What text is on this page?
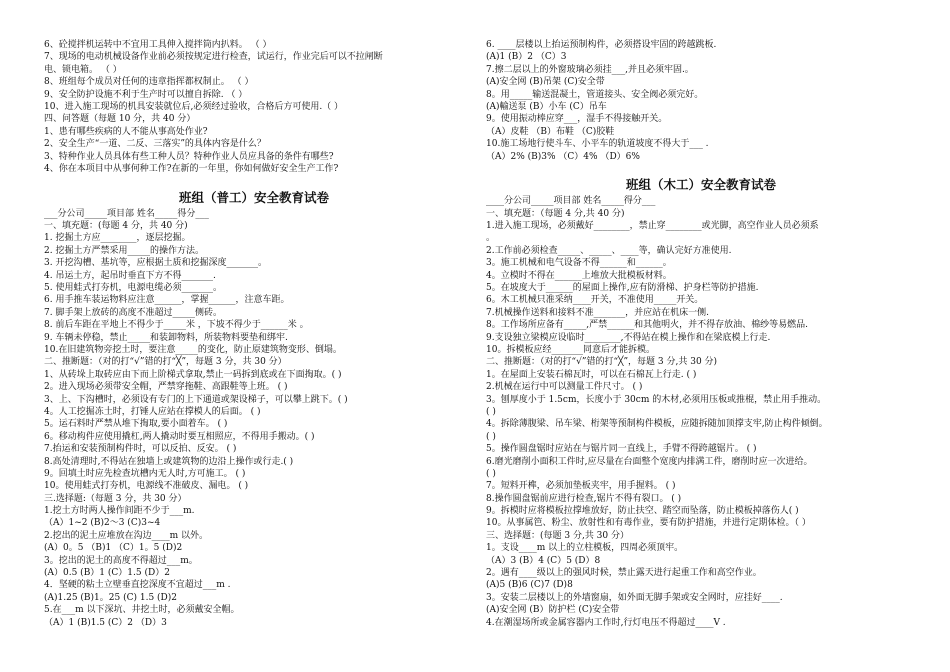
6、砼搅拌机运转中不宜用工具伸入搅拌筒内扒料。 （ ）
7、现场的电动机械设备作业前必须按规定进行检查，试运行，作业完后可以不拉闸断
电、锁电箱。 （ ）
8、班组每个成员对任何的违章指挥都权制止。 （ ）
9、安全防护设施不利于生产时可以擅自拆除. （ ）
10、进入施工现场的机具安装就位后,必须经过验收，合格后方可使用.（ ）
四、问答题（每题 10 分，共 40 分）
1、患有哪些疾病的人不能从事高处作业?
2、安全生产“一道、二反、三落实”的具体内容是什么？
3、特种作业人员具体有些工种人员？特种作业人员应具备的条件有哪些?
4、你在本项目中从事何种工作?在新的一年里，你如何做好安全生产工作?
班组（普工）安全教育试卷
___分公司_____项目部 姓名_____得分___
一、填充题：(每题 4 分，共 40 分)
1. 挖掘土方应________，逐层挖掘。
2. 挖掘土方严禁采用_____的操作方法。
3. 开挖沟槽、基坑等，应根据土质和挖掘深度_______。
4. 吊运土方，起吊时垂直下方不得_______.
5. 使用蛙式打夯机，电源电缆必须_______。
6. 用手推车装运物料应注意______，掌握______，注意车距。
7. 脚手架上放砖的高度不准超过_____侧砖。
8. 前后车距在平地上不得少于_____米 ，下坡不得少于______米 。
9. 车辆未停稳，禁止_____和装卸物料，所装物料要垫和绑牢.
10.在旧建筑物旁挖土时，要注意_____的变化，防止原建筑物变形、倒塌。
二、推断题：（对的打“√”错的打“╳”，每题 3 分，共 30 分）
1、从砖垛上取砖应由下而上阶梯式拿取,禁止一码拆到底或在下面掏取。( )
2。进入现场必须带安全帽，严禁穿拖鞋、高跟鞋等上班。 ( )
3、上、下沟槽时，必须设有专门的上下通道或架设梯子，可以攀上跳下。( )
4。人工挖掘冻土时，打锤人应站在撑模人的后面。 ( )
5。运石料时严禁从堆下掏取,要小面着车。 ( )
6。移动构件应使用撬杠,两人撬动时要互相照应，不得用手搬动。( )
7.抬运和安装预制构件时，可以反拍、反安。 ( )
8.高处清理时,不得站在独墙上或建筑物的边沿上操作或行走.( )
9。回填土时应先检查坑槽内无人时,方可施工。 ( )
10。使用蛙式打夯机，电源线不准破皮、漏电。 ( )
三.选择题:（每题 3 分，共 30 分）
1.挖土方时两人操作间距不少于___m.
（A）1~2 (B)2～3 (C)3~4
2.挖出的泥土应堆放在沟边____m 以外。
(A）0。5 （B)1 （C）1。5 (D)2
3。挖出的泥土的高度不得超过___m。
(A）0.5 (B）1 (C）1.5 (D）2
4．坚硬的粘土立壁垂直挖深度不宜超过___m .
(A)1.25 (B)1。25 (C) 1.5 (D)2
5.在___m 以下深坑、井挖土时，必须戴安全帽。
（A）1 (B)1.5 (C）2 （D）3
6. ____层楼以上抬运预制构件，必须搭设牢固的跨越跳板.
(A)1 (B）2 （C）3
7.擦二层以上的外窗玻璃必须挂___,并且必须牢固.。
(A)安全网 (B)吊架 (C)安全带
8。用_____输送混凝土，管道接头、安全阀必须完好。
(A)輸送泵 (B）小车 (C）吊车
9。使用振动棒应穿___，湿手不得接触开关。
（A）皮鞋 （B）布鞋 （C)胶鞋
10.施工场地行使斗车、小平车的轨道坡度不得大于___ .
（A）2% (B)3% （C）4% （D）6%
班组（木工）安全教育试卷
____分公司_____项目部 姓名_____得分___
一、填充题：（每题 4 分,共 40 分)
1.进入施工现场，必须戴好________，禁止穿________或光脚，高空作业人员必须系
。
2.工作前必须检查_____、_____、____等，确认完好方准使用.
3。施工机械和电气设备不得______和______。
4。立模时不得在______上堆放大批模板材料。
5。在坡度大于______的屋面上操作,应有防滑梯、护身栏等防护措施.
6。木工机械只准采纳____开关，不准使用_____开关。
7.机械操作送料和接料不准_______，并应站在机床一侧.
8。工作场所应备有_____,严禁______和其他明火，并不得存放油、棉纱等易燃品.
9.支设独立梁模应设临时________,不得站在模上操作和在梁底模上行走.
10。拆模板应经_______同意后才能拆模。
二、推断题：（对的打“√”错的打“╳”，每题 3 分,共 30 分)
1。在屋面上安装石棉瓦时，可以在石棉瓦上行走. ( )
2.机械在运行中可以测量工件尺寸。 ( )
3。刨厚度小于 1.5cm，长度小于 30cm 的木材,必须用压板或推棍，禁止用手推动。
( )
4。拆除薄腹梁、吊车梁、桁架等预制构件模板，应随拆随加顶撑支牢,防止构件倾倒。
( )
5。操作圆盘锯时应站在与锯片同一直线上，手臂不得跨越锯片。 ( )
6.磨光磨削小面积工件时,应尽量在台面整个宽度内排满工件，磨削时应一次进给。
( )
7。短料开榫，必须加垫板夹牢，用手握料。 ( )
8.操作圆盘锯前应进行检查,锯片不得有裂口。 ( )
9。拆模时应将模板拉撑堆放好，防止扶空、踏空而坠落，防止模板掉落伤人( )
10。从事属笆、粉尘、放射性和有毒作业，要有防护措施，并进行定期体检。（ ）
三、选择题：(每题 3 分,共 30 分）
1。支设____m 以上的立柱模板，四周必须顶牢。
（A）3 (B）4 (C）5 (D）8
2。遇有____级以上的强风时候，禁止露天进行起重工作和高空作业。
(A)5 (B)6 (C)7 (D)8
3。安装二层楼以上的外墙窗扇，如外面无脚手架或安全网时，应挂好____.
(A)安全网 (B）防护栏 (C)安全带
4.在潮湿场所或金属容器内工作时,行灯电压不得超过____V .
